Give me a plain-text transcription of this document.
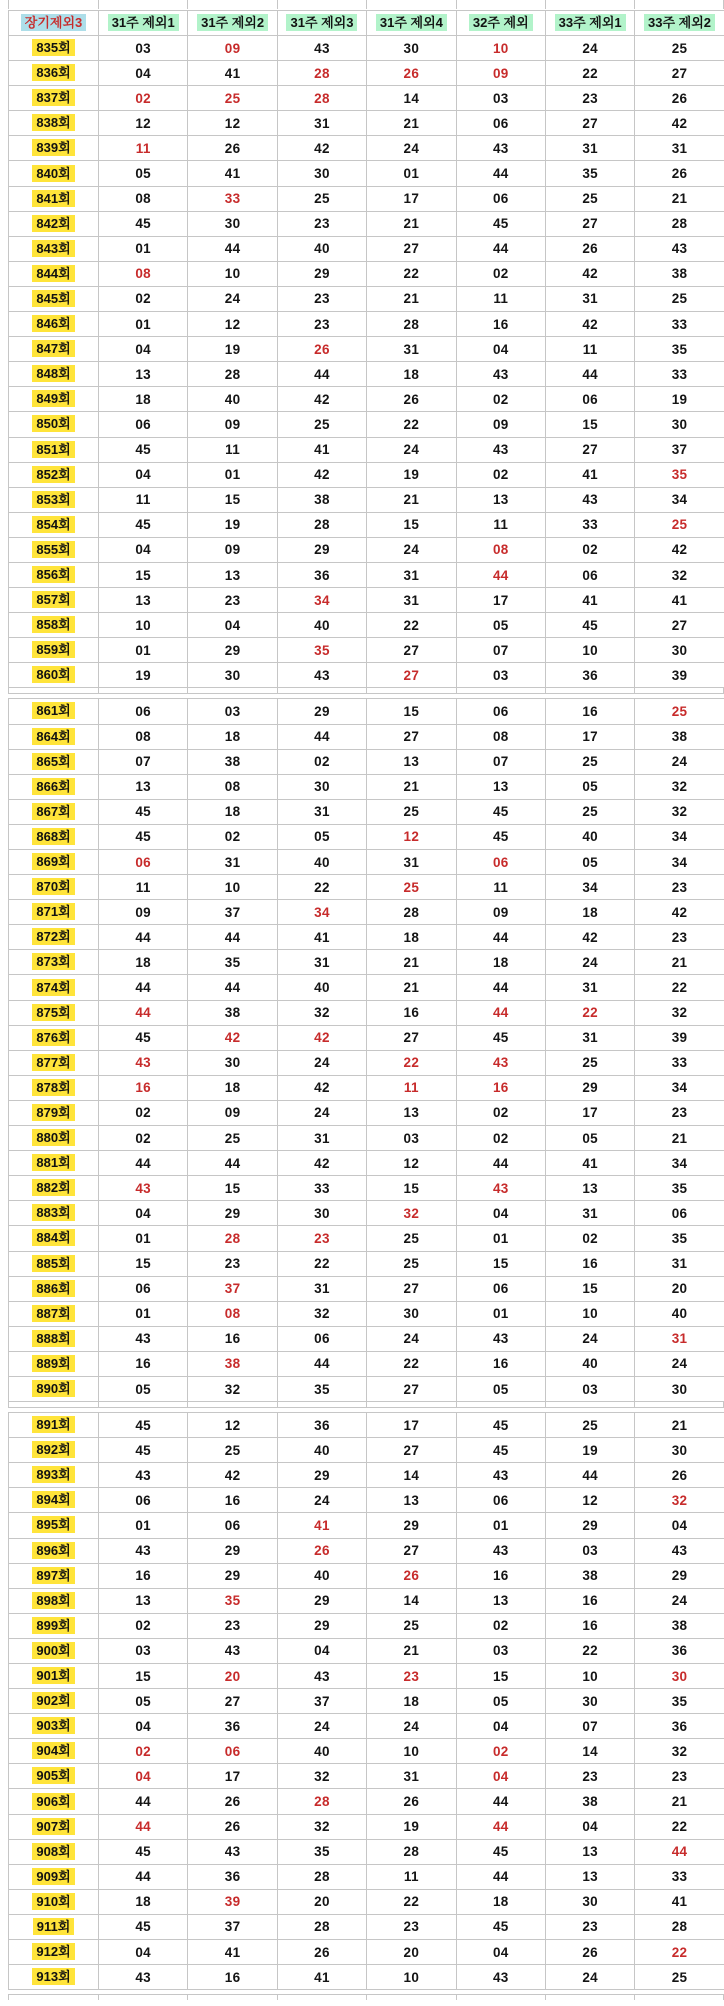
장기제외3	31주 제외1	31주 제외2	31주 제외3	31주 제외4	32주 제외	33주 제외1	33주 제외2
835회	03	09	43	30	10	24	25
836회	04	41	28	26	09	22	27
837회	02	25	28	14	03	23	26
838회	12	12	31	21	06	27	42
839회	11	26	42	24	43	31	31
840회	05	41	30	01	44	35	26
841회	08	33	25	17	06	25	21
842회	45	30	23	21	45	27	28
843회	01	44	40	27	44	26	43
844회	08	10	29	22	02	42	38
845회	02	24	23	21	11	31	25
846회	01	12	23	28	16	42	33
847회	04	19	26	31	04	11	35
848회	13	28	44	18	43	44	33
849회	18	40	42	26	02	06	19
850회	06	09	25	22	09	15	30
851회	45	11	41	24	43	27	37
852회	04	01	42	19	02	41	35
853회	11	15	38	21	13	43	34
854회	45	19	28	15	11	33	25
855회	04	09	29	24	08	02	42
856회	15	13	36	31	44	06	32
857회	13	23	34	31	17	41	41
858회	10	04	40	22	05	45	27
859회	01	29	35	27	07	10	30
860회	19	30	43	27	03	36	39
861회	06	03	29	15	06	16	25
864회	08	18	44	27	08	17	38
865회	07	38	02	13	07	25	24
866회	13	08	30	21	13	05	32
867회	45	18	31	25	45	25	32
868회	45	02	05	12	45	40	34
869회	06	31	40	31	06	05	34
870회	11	10	22	25	11	34	23
871회	09	37	34	28	09	18	42
872회	44	44	41	18	44	42	23
873회	18	35	31	21	18	24	21
874회	44	44	40	21	44	31	22
875회	44	38	32	16	44	22	32
876회	45	42	42	27	45	31	39
877회	43	30	24	22	43	25	33
878회	16	18	42	11	16	29	34
879회	02	09	24	13	02	17	23
880회	02	25	31	03	02	05	21
881회	44	44	42	12	44	41	34
882회	43	15	33	15	43	13	35
883회	04	29	30	32	04	31	06
884회	01	28	23	25	01	02	35
885회	15	23	22	25	15	16	31
886회	06	37	31	27	06	15	20
887회	01	08	32	30	01	10	40
888회	43	16	06	24	43	24	31
889회	16	38	44	22	16	40	24
890회	05	32	35	27	05	03	30
891회	45	12	36	17	45	25	21
892회	45	25	40	27	45	19	30
893회	43	42	29	14	43	44	26
894회	06	16	24	13	06	12	32
895회	01	06	41	29	01	29	04
896회	43	29	26	27	43	03	43
897회	16	29	40	26	16	38	29
898회	13	35	29	14	13	16	24
899회	02	23	29	25	02	16	38
900회	03	43	04	21	03	22	36
901회	15	20	43	23	15	10	30
902회	05	27	37	18	05	30	35
903회	04	36	24	24	04	07	36
904회	02	06	40	10	02	14	32
905회	04	17	32	31	04	23	23
906회	44	26	28	26	44	38	21
907회	44	26	32	19	44	04	22
908회	45	43	35	28	45	13	44
909회	44	36	28	11	44	13	33
910회	18	39	20	22	18	30	41
911회	45	37	28	23	45	23	28
912회	04	41	26	20	04	26	22
913회	43	16	41	10	43	24	25
